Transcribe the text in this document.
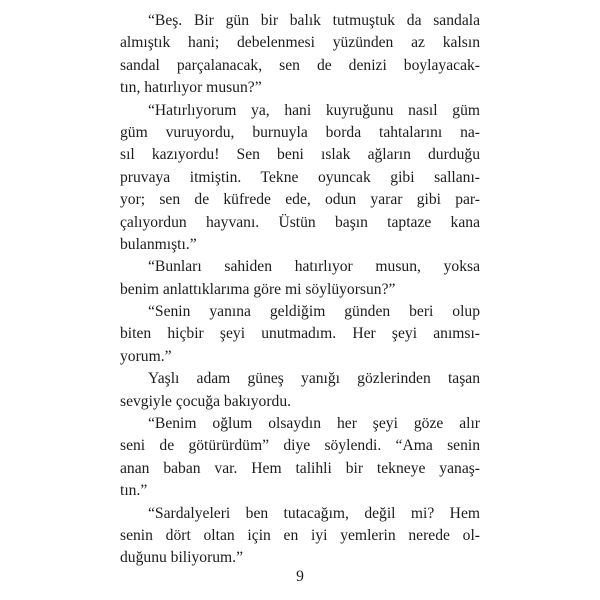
“Beş. Bir gün bir balık tutmuştuk da sandala
almıştık hani; debelenmesi yüzünden az kalsın
sandal parçalanacak, sen de denizi boylayacak-
tın, hatırlıyor musun?”
“Hatırlıyorum ya, hani kuyruğunu nasıl güm
güm vuruyordu, burnuyla borda tahtalarını na-
sıl kazıyordu! Sen beni ıslak ağların durduğu
pruvaya itmiştin. Tekne oyuncak gibi sallanı-
yor; sen de küfrede ede, odun yarar gibi par-
çalıyordun hayvanı. Üstün başın taptaze kana
bulanmıştı.”
“Bunları sahiden hatırlıyor musun, yoksa
benim anlattıklarıma göre mi söylüyorsun?”
“Senin yanına geldiğim günden beri olup
biten hiçbir şeyi unutmadım. Her şeyi anımsı-
yorum.”
Yaşlı adam güneş yanığı gözlerinden taşan
sevgiyle çocuğa bakıyordu.
“Benim oğlum olsaydın her şeyi göze alır
seni de götürürdüm” diye söylendi. “Ama senin
anan baban var. Hem talihli bir tekneye yanaş-
tın.”
“Sardalyeleri ben tutacağım, değil mi? Hem
senin dört oltan için en iyi yemlerin nerede ol-
duğunu biliyorum.”
9
